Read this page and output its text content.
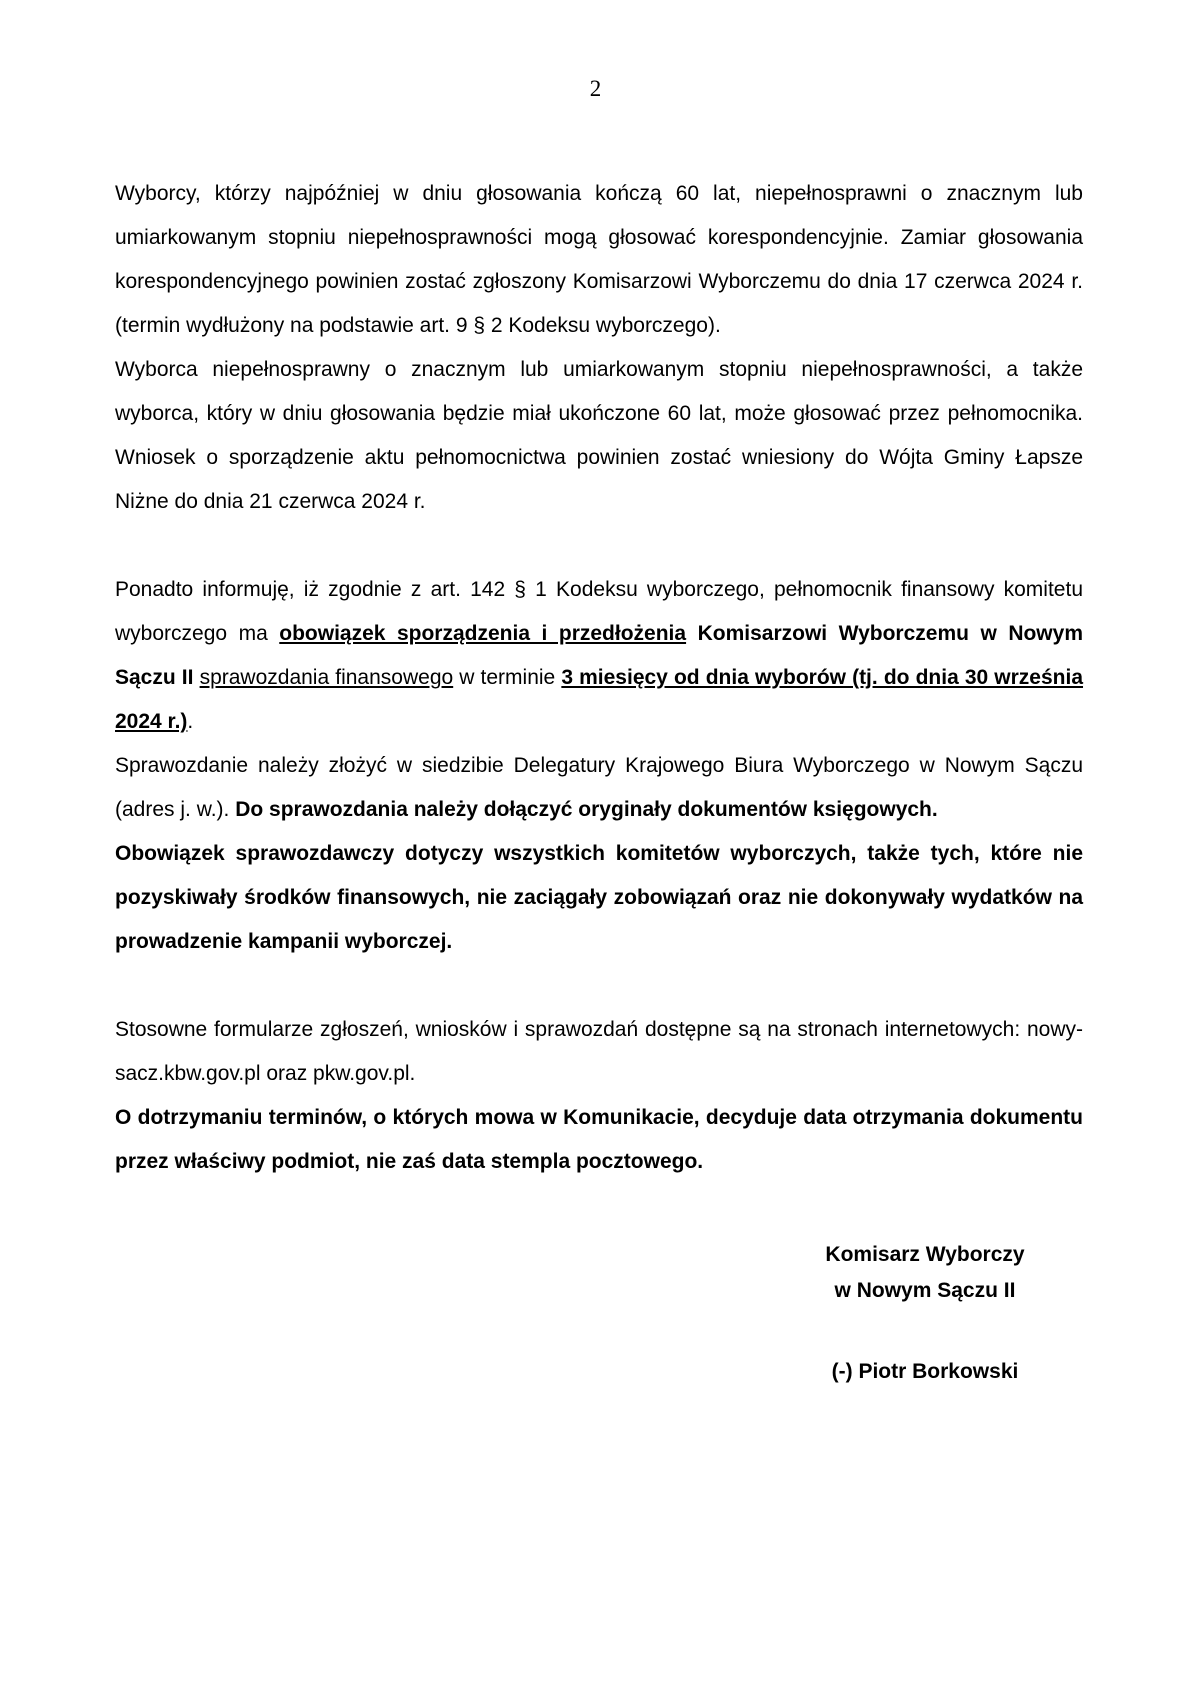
2

Wyborcy, którzy najpóźniej w dniu głosowania kończą 60 lat, niepełnosprawni o znacznym lub umiarkowanym stopniu niepełnosprawności mogą głosować korespondencyjnie. Zamiar głosowania korespondencyjnego powinien zostać zgłoszony Komisarzowi Wyborczemu do dnia 17 czerwca 2024 r. (termin wydłużony na podstawie art. 9 § 2 Kodeksu wyborczego).

Wyborca niepełnosprawny o znacznym lub umiarkowanym stopniu niepełnosprawności, a także wyborca, który w dniu głosowania będzie miał ukończone 60 lat, może głosować przez pełnomocnika. Wniosek o sporządzenie aktu pełnomocnictwa powinien zostać wniesiony do Wójta Gminy Łapsze Niżne do dnia 21 czerwca 2024 r.

Ponadto informuję, iż zgodnie z art. 142 § 1 Kodeksu wyborczego, pełnomocnik finansowy komitetu wyborczego ma obowiązek sporządzenia i przedłożenia Komisarzowi Wyborczemu w Nowym Sączu II sprawozdania finansowego w terminie 3 miesięcy od dnia wyborów (tj. do dnia 30 września 2024 r.).

Sprawozdanie należy złożyć w siedzibie Delegatury Krajowego Biura Wyborczego w Nowym Sączu (adres j. w.). Do sprawozdania należy dołączyć oryginały dokumentów księgowych.

Obowiązek sprawozdawczy dotyczy wszystkich komitetów wyborczych, także tych, które nie pozyskiwały środków finansowych, nie zaciągały zobowiązań oraz nie dokonywały wydatków na prowadzenie kampanii wyborczej.

Stosowne formularze zgłoszeń, wniosków i sprawozdań dostępne są na stronach internetowych: nowy-sacz.kbw.gov.pl oraz pkw.gov.pl.

O dotrzymaniu terminów, o których mowa w Komunikacie, decyduje data otrzymania dokumentu przez właściwy podmiot, nie zaś data stempla pocztowego.

Komisarz Wyborczy
w Nowym Sączu II
(-) Piotr Borkowski
